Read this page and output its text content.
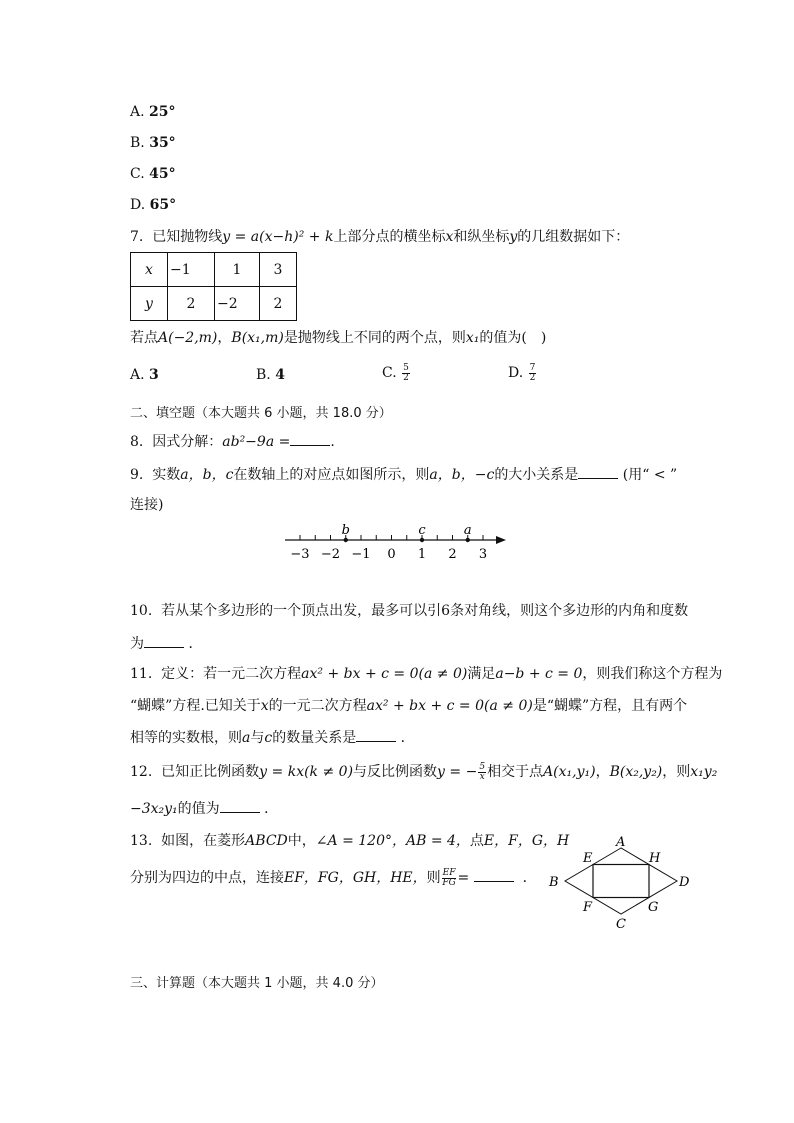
A. 25°
B. 35°
C. 45°
D. 65°
7. 已知抛物线y = a(x−h)² + k上部分点的横坐标x和纵坐标y的几组数据如下：
x	−1	1	3
y	2	−2	2
若点A(−2,m)，B(x₁,m)是抛物线上不同的两个点，则x₁的值为(　)
A. 3	B. 4	C. $\frac{5}{2}$	D. $\frac{7}{2}$
二、填空题（本大题共 6 小题，共 18.0 分）
8. 因式分解：ab²−9a =	.
9. 实数a，b，c在数轴上的对应点如图所示，则a，b，−c的大小关系是	(用“ < ”
连接)
−3 −2 −1 0 1 2 3
b	c	a
10. 若从某个多边形的一个顶点出发，最多可以引6条对角线，则这个多边形的内角和度数
为	．
11. 定义：若一元二次方程ax² + bx + c = 0(a ≠ 0)满足a−b + c = 0，则我们称这个方程为
“蝴蝶”方程.已知关于x的一元二次方程ax² + bx + c = 0(a ≠ 0)是“蝴蝶”方程，且有两个
相等的实数根，则a与c的数量关系是	．
12. 已知正比例函数y = kx(k ≠ 0)与反比例函数y = − $\frac{5}{x}$ 相交于点A(x₁,y₁)，B(x₂,y₂)，则x₁y₂
−3x₂y₁的值为	．
13. 如图，在菱形ABCD中，∠A = 120°，AB = 4，点E，F，G，H
分别为四边的中点，连接EF，FG，GH，HE，则 $\frac{EF}{FG}$ =	．
A
B
C
D
E
F	G
H
三、计算题（本大题共 1 小题，共 4.0 分）
